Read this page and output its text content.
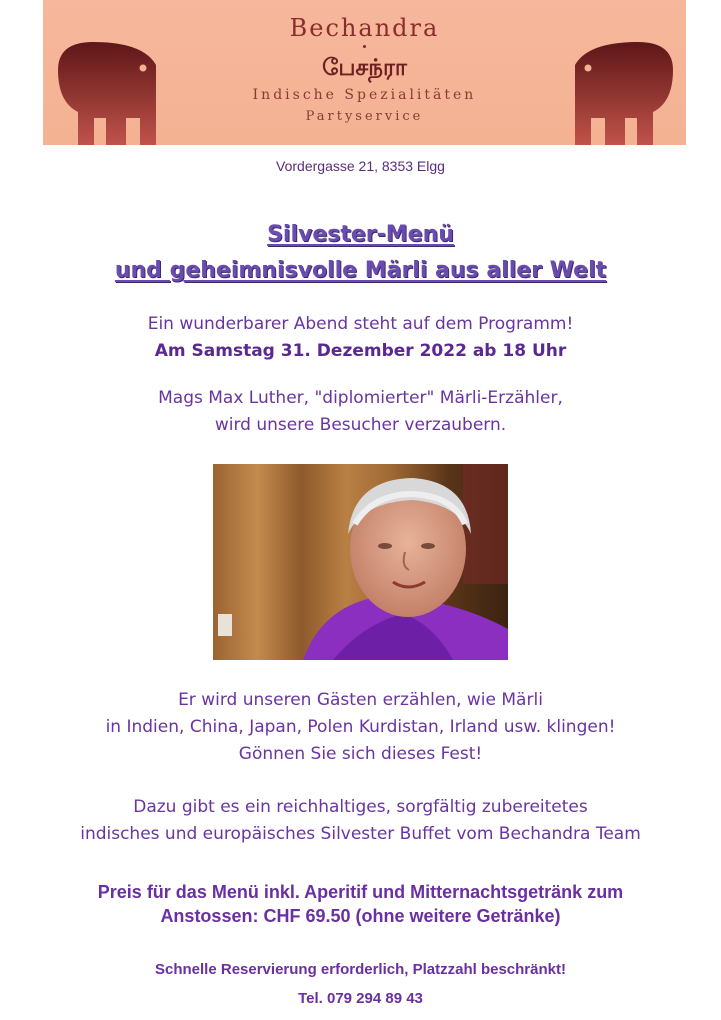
Bechandra
பேசந்ரா
Indische Spezialitäten
Partyservice
Vordergasse 21, 8353 Elgg
Silvester-Menü
und geheimnisvolle Märli aus aller Welt
Ein wunderbarer Abend steht auf dem Programm!
Am Samstag 31. Dezember 2022 ab 18 Uhr
Mags Max Luther, "diplomierter" Märli-Erzähler,
wird unsere Besucher verzaubern.
Er wird unseren Gästen erzählen, wie Märli
in Indien, China, Japan, Polen Kurdistan, Irland usw. klingen!
Gönnen Sie sich dieses Fest!
Dazu gibt es ein reichhaltiges, sorgfältig zubereitetes
indisches und europäisches Silvester Buffet vom Bechandra Team
Preis für das Menü inkl. Aperitif und Mitternachtsgetränk zum
Anstossen: CHF 69.50 (ohne weitere Getränke)
Schnelle Reservierung erforderlich, Platzzahl beschränkt!
Tel. 079 294 89 43
